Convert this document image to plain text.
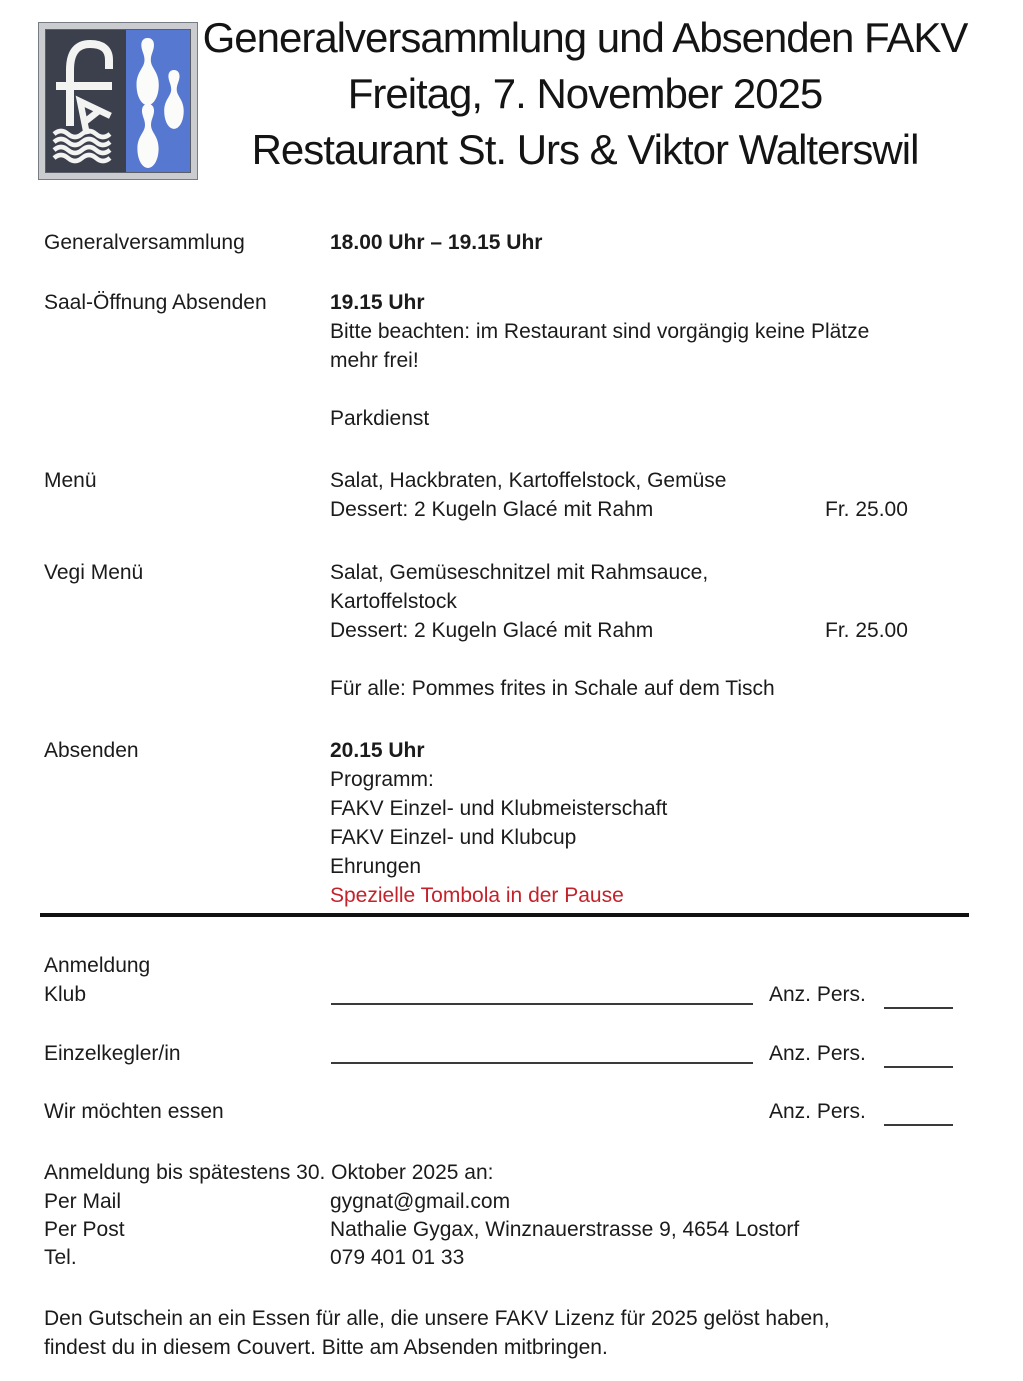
Generalversammlung und Absenden FAKV
Freitag, 7. November 2025
Restaurant St. Urs & Viktor Walterswil
Generalversammlung	18.00 Uhr – 19.15 Uhr
Saal-Öffnung Absenden	19.15 Uhr
Bitte beachten: im Restaurant sind vorgängig keine Plätze
mehr frei!
Parkdienst
Menü	Salat, Hackbraten, Kartoffelstock, Gemüse
Dessert: 2 Kugeln Glacé mit Rahm	Fr. 25.00
Vegi Menü	Salat, Gemüseschnitzel mit Rahmsauce,
Kartoffelstock
Dessert: 2 Kugeln Glacé mit Rahm	Fr. 25.00
Für alle: Pommes frites in Schale auf dem Tisch
Absenden	20.15 Uhr
Programm:
FAKV Einzel- und Klubmeisterschaft
FAKV Einzel- und Klubcup
Ehrungen
Spezielle Tombola in der Pause
Anmeldung
Klub	Anz. Pers.
Einzelkegler/in	Anz. Pers.
Wir möchten essen	Anz. Pers.
Anmeldung bis spätestens 30. Oktober 2025 an:
Per Mail	gygnat@gmail.com
Per Post	Nathalie Gygax, Winznauerstrasse 9, 4654 Lostorf
Tel.	079 401 01 33
Den Gutschein an ein Essen für alle, die unsere FAKV Lizenz für 2025 gelöst haben,
findest du in diesem Couvert. Bitte am Absenden mitbringen.
